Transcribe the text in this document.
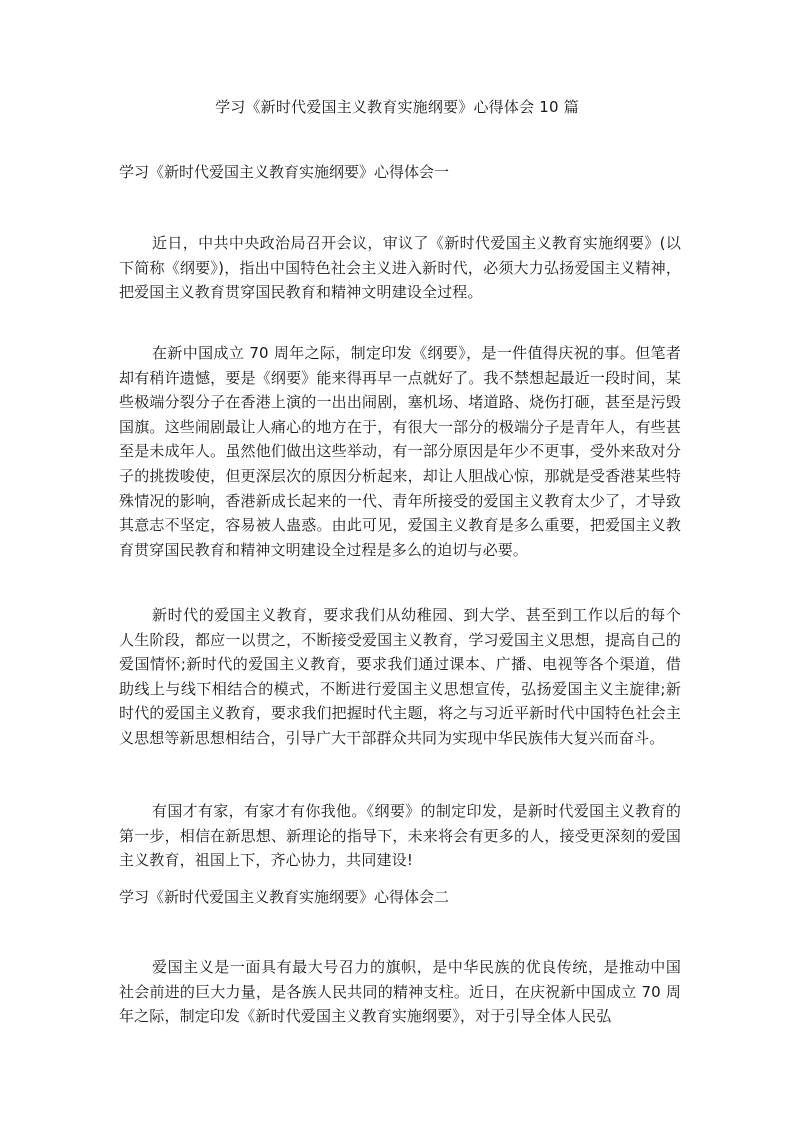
学习《新时代爱国主义教育实施纲要》心得体会 10 篇
学习《新时代爱国主义教育实施纲要》心得体会一

近日，中共中央政治局召开会议，审议了《新时代爱国主义教育实施纲要》(以下简称《纲要》)，指出中国特色社会主义进入新时代，必须大力弘扬爱国主义精神，把爱国主义教育贯穿国民教育和精神文明建设全过程。

在新中国成立 70 周年之际，制定印发《纲要》，是一件值得庆祝的事。但笔者却有稍许遗憾，要是《纲要》能来得再早一点就好了。我不禁想起最近一段时间，某些极端分裂分子在香港上演的一出出闹剧，塞机场、堵道路、烧伤打砸，甚至是污毁国旗。这些闹剧最让人痛心的地方在于，有很大一部分的极端分子是青年人，有些甚至是未成年人。虽然他们做出这些举动，有一部分原因是年少不更事，受外来敌对分子的挑拨唆使，但更深层次的原因分析起来，却让人胆战心惊，那就是受香港某些特殊情况的影响，香港新成长起来的一代、青年所接受的爱国主义教育太少了，才导致其意志不坚定，容易被人蛊惑。由此可见，爱国主义教育是多么重要，把爱国主义教育贯穿国民教育和精神文明建设全过程是多么的迫切与必要。

新时代的爱国主义教育，要求我们从幼稚园、到大学、甚至到工作以后的每个人生阶段，都应一以贯之，不断接受爱国主义教育，学习爱国主义思想，提高自己的爱国情怀;新时代的爱国主义教育，要求我们通过课本、广播、电视等各个渠道，借助线上与线下相结合的模式，不断进行爱国主义思想宣传，弘扬爱国主义主旋律;新时代的爱国主义教育，要求我们把握时代主题，将之与习近平新时代中国特色社会主义思想等新思想相结合，引导广大干部群众共同为实现中华民族伟大复兴而奋斗。

有国才有家，有家才有你我他。《纲要》的制定印发，是新时代爱国主义教育的第一步，相信在新思想、新理论的指导下，未来将会有更多的人，接受更深刻的爱国主义教育，祖国上下，齐心协力，共同建设!

学习《新时代爱国主义教育实施纲要》心得体会二

爱国主义是一面具有最大号召力的旗帜，是中华民族的优良传统，是推动中国社会前进的巨大力量，是各族人民共同的精神支柱。近日，在庆祝新中国成立 70 周年之际，制定印发《新时代爱国主义教育实施纲要》，对于引导全体人民弘
